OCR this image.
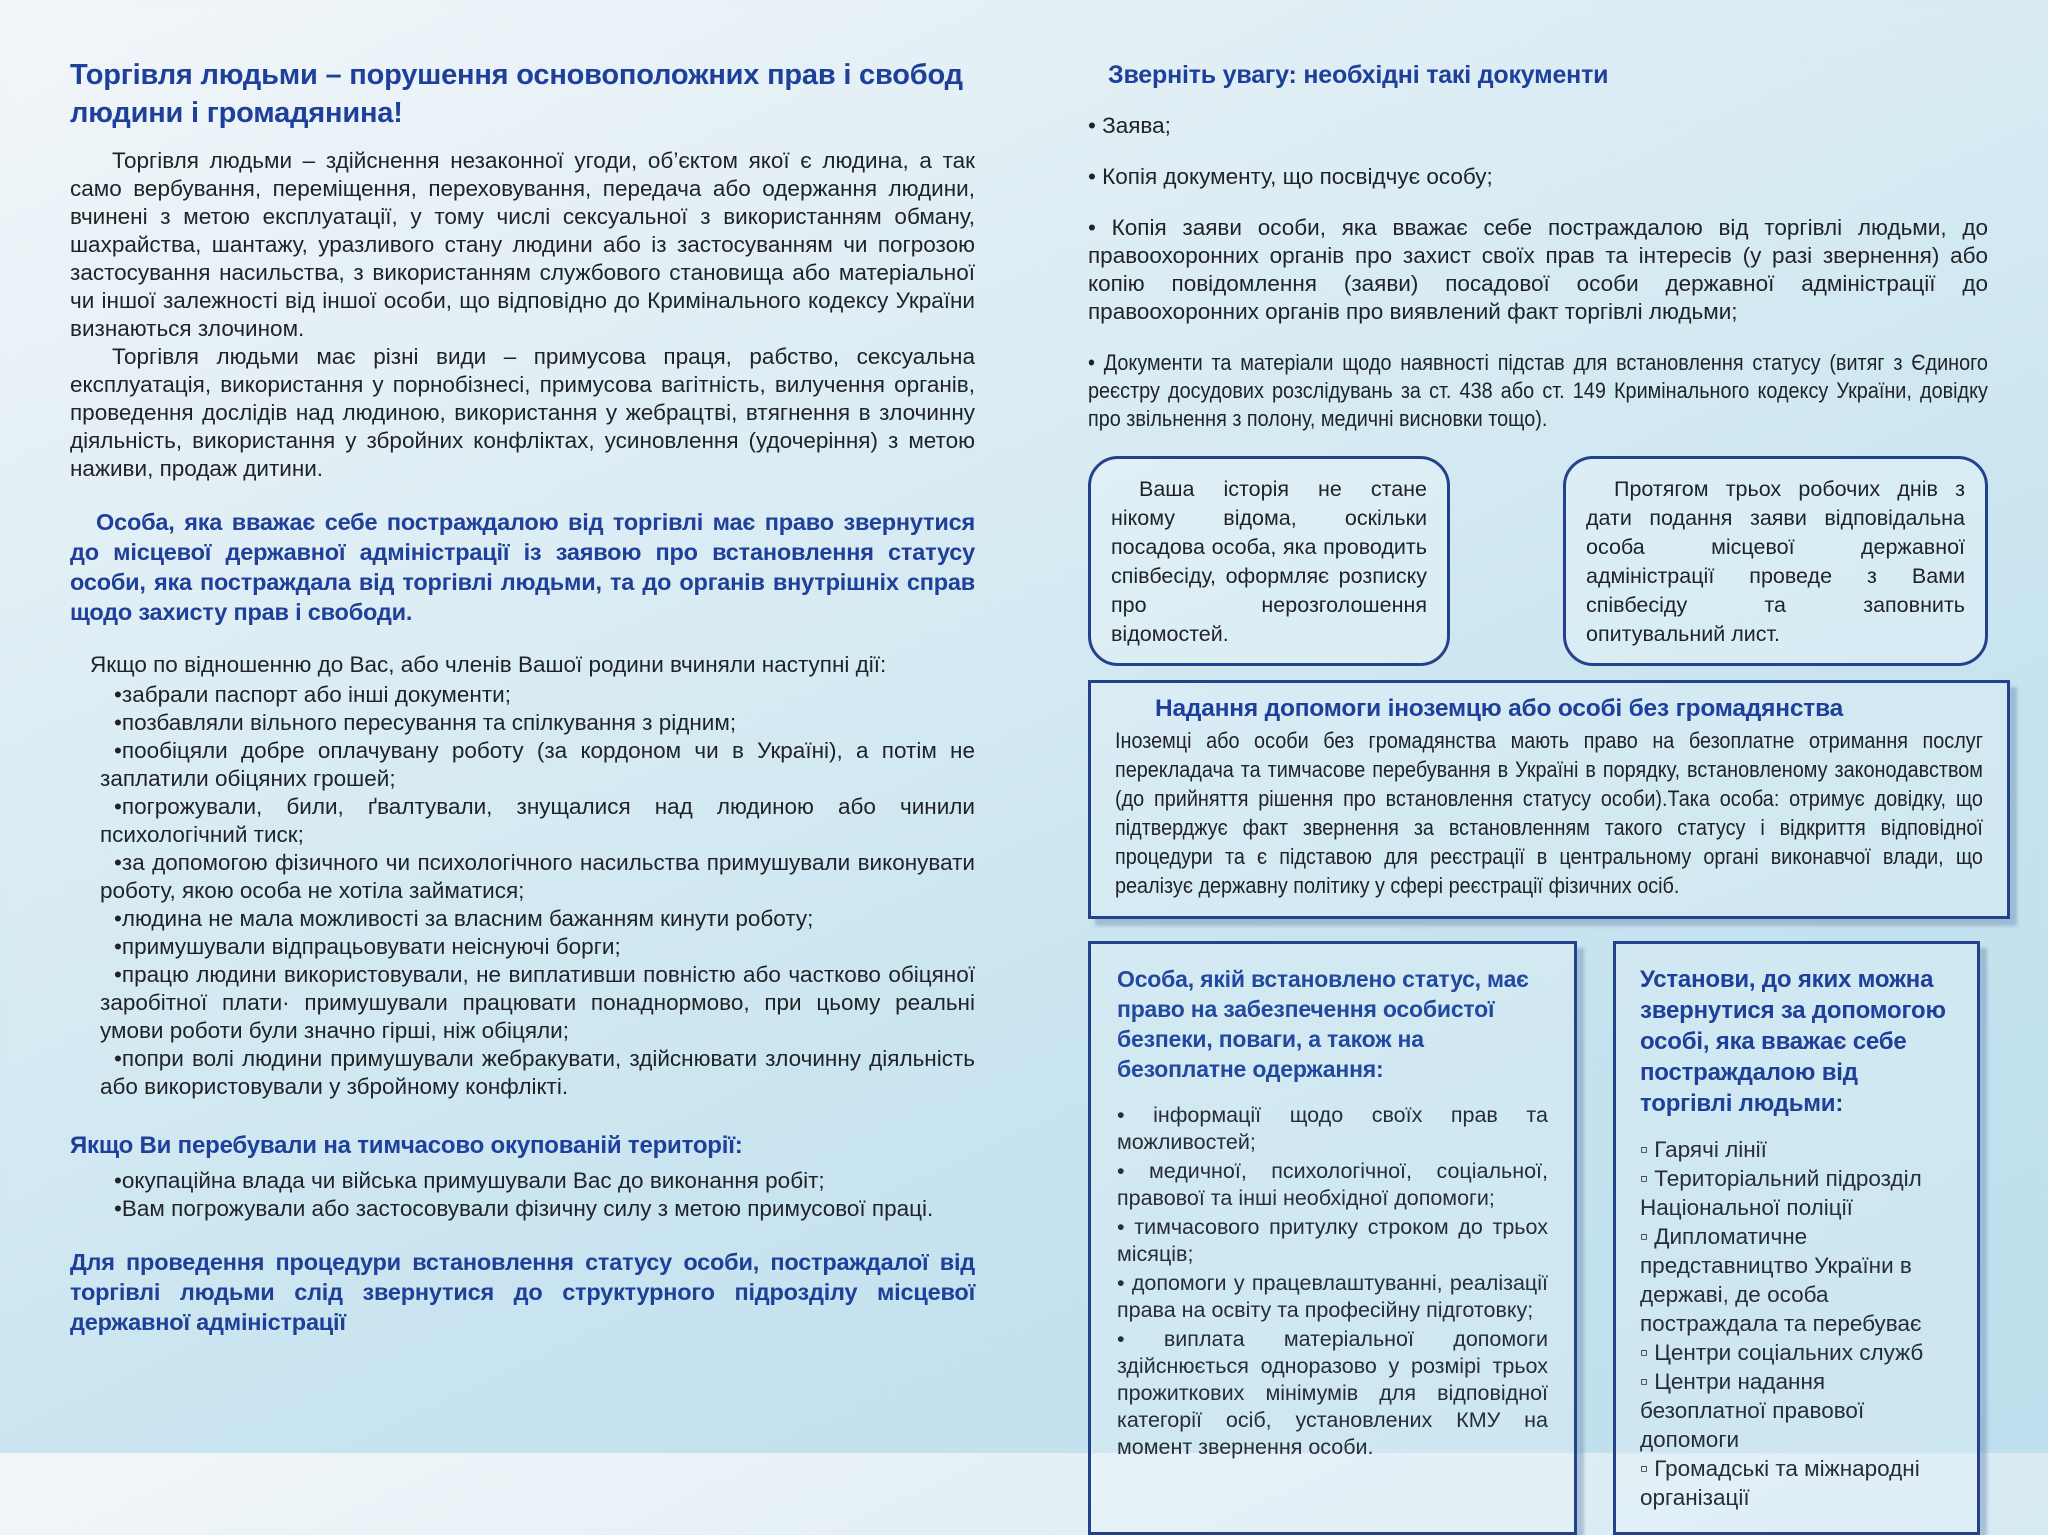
Торгівля людьми – порушення основоположних прав і свобод людини і громадянина!

Торгівля людьми – здійснення незаконної угоди, об’єктом якої є людина, а так само вербування, переміщення, переховування, передача або одержання людини, вчинені з метою експлуатації, у тому числі сексуальної з використанням обману, шахрайства, шантажу, уразливого стану людини або із застосуванням чи погрозою застосування насильства, з використанням службового становища або матеріальної чи іншої залежності від іншої особи, що відповідно до Кримінального кодексу України визнаються злочином.

Торгівля людьми має різні види – примусова праця, рабство, сексуальна експлуатація, використання у порнобізнесі, примусова вагітність, вилучення органів, проведення дослідів над людиною, використання у жебрацтві, втягнення в злочинну діяльність, використання у збройних конфліктах, усиновлення (удочеріння) з метою наживи, продаж дитини.

Особа, яка вважає себе постраждалою від торгівлі має право звернутися до місцевої державної адміністрації із заявою про встановлення статусу особи, яка постраждала від торгівлі людьми, та до органів внутрішніх справ щодо захисту прав і свободи.

Якщо по відношенню до Вас, або членів Вашої родини вчиняли наступні дії:

• забрали паспорт або інші документи;
• позбавляли вільного пересування та спілкування з рідним;
• пообіцяли добре оплачувану роботу (за кордоном чи в Україні), а потім не заплатили обіцяних грошей;
• погрожували, били, ґвалтували, знущалися над людиною або чинили психологічний тиск;
• за допомогою фізичного чи психологічного насильства примушували виконувати роботу, якою особа не хотіла займатися;
• людина не мала можливості за власним бажанням кинути роботу;
• примушували відпрацьовувати неіснуючі борги;
• працю людини використовували, не виплативши повністю або частково обіцяної заробітної плати· примушували працювати понаднормово, при цьому реальні умови роботи були значно гірші, ніж обіцяли;
• попри волі людини примушували жебракувати, здійснювати злочинну діяльність або використовували у збройному конфлікті.
Якщо Ви перебували на тимчасово окупованій території:
• окупаційна влада чи війська примушували Вас до виконання робіт;
• Вам погрожували або застосовували фізичну силу з метою примусової праці.

Для проведення процедури встановлення статусу особи, постраждалої від торгівлі людьми слід звернутися до структурного підрозділу місцевої державної адміністрації

Зверніть увагу: необхідні такі документи
• Заява;
• Копія документу, що посвідчує особу;
• Копія заяви особи, яка вважає себе постраждалою від торгівлі людьми, до правоохоронних органів про захист своїх прав та інтересів (у разі звернення) або копію повідомлення (заяви) посадової особи державної адміністрації до правоохоронних органів про виявлений факт торгівлі людьми;
• Документи та матеріали щодо наявності підстав для встановлення статусу (витяг з Єдиного реєстру досудових розслідувань за ст. 438 або ст. 149 Кримінального кодексу України, довідку про звільнення з полону, медичні висновки тощо).

Ваша історія не стане нікому відома, оскільки посадова особа, яка проводить співбесіду, оформляє розписку про нерозголошення відомостей.

Протягом трьох робочих днів з дати подання заяви відповідальна особа місцевої державної адміністрації проведе з Вами співбесіду та заповнить опитувальний лист.

Надання допомоги іноземцю або особі без громадянства

Іноземці або особи без громадянства мають право на безоплатне отримання послуг перекладача та тимчасове перебування в Україні в порядку, встановленому законодавством (до прийняття рішення про встановлення статусу особи).Така особа: отримує довідку, що підтверджує факт звернення за встановленням такого статусу і відкриття відповідної процедури та є підставою для реєстрації в центральному органі виконавчої влади, що реалізує державну політику у сфері реєстрації фізичних осіб.

Особа, якій встановлено статус, має право на забезпечення особистої безпеки, поваги, а також на безоплатне одержання:
• інформації щодо своїх прав та можливостей;
• медичної, психологічної, соціальної, правової та інші необхідної допомоги;
• тимчасового притулку строком до трьох місяців;
• допомоги у працевлаштуванні, реалізації права на освіту та професійну підготовку;
• виплата матеріальної допомоги здійснюється одноразово у розмірі трьох прожиткових мінімумів для відповідної категорії осіб, установлених КМУ на момент звернення особи.
Установи, до яких можна звернутися за допомогою особі, яка вважає себе постраждалою від торгівлі людьми:
▫ Гарячі лінії
▫ Територіальний підрозділ Національної поліції
▫ Дипломатичне представництво України в державі, де особа постраждала та перебуває
▫ Центри соціальних служб
▫ Центри надання безоплатної правової допомоги
▫ Громадські та міжнародні організації
